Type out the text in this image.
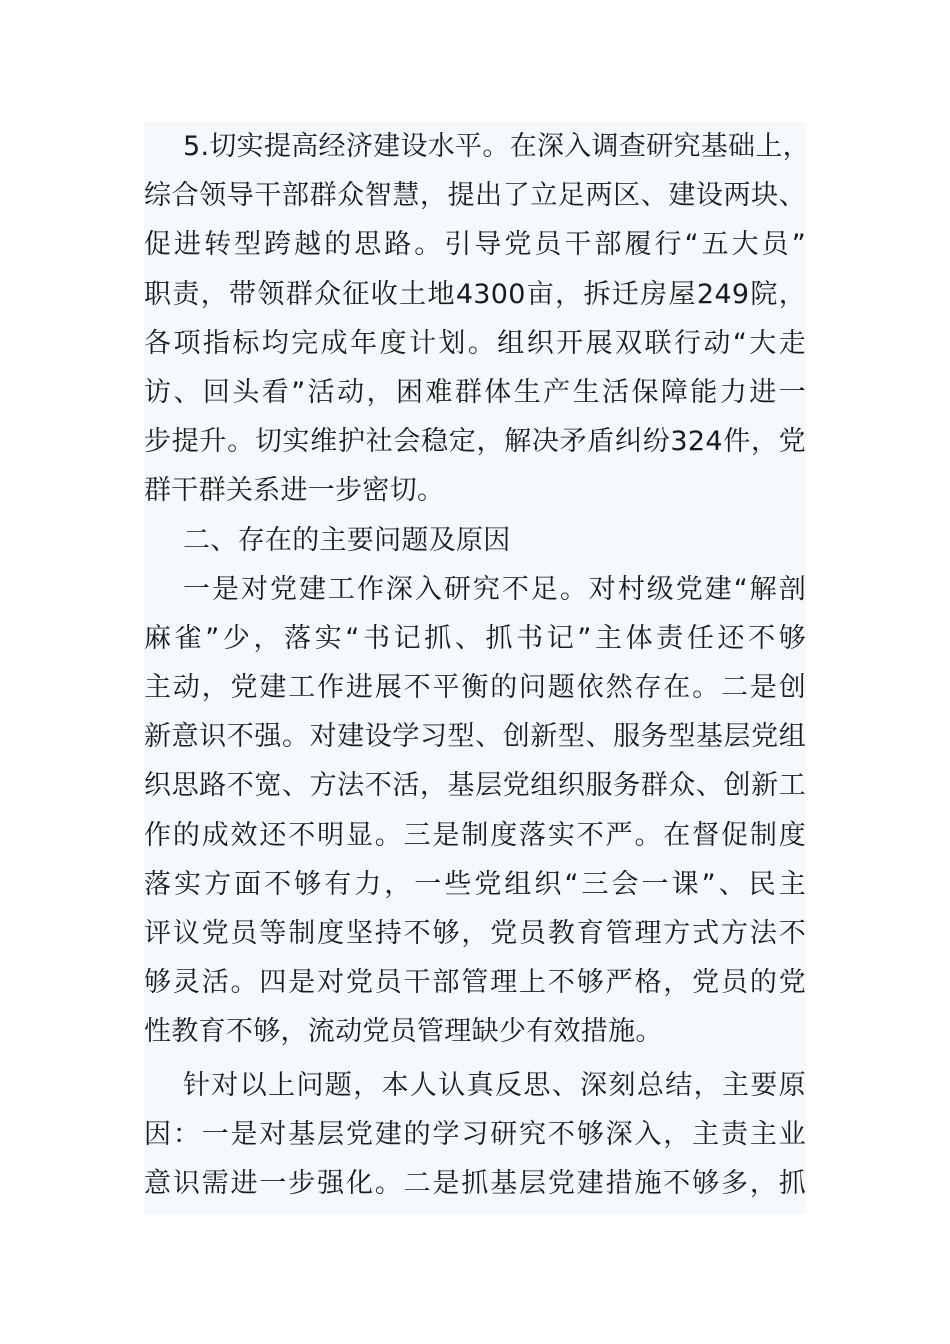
5.切实提高经济建设水平。在深入调查研究基础上，
综合领导干部群众智慧，提出了立足两区、建设两块、
促进转型跨越的思路。引导党员干部履行“五大员”
职责，带领群众征收土地4300亩，拆迁房屋249院，
各项指标均完成年度计划。组织开展双联行动“大走
访、回头看”活动，困难群体生产生活保障能力进一
步提升。切实维护社会稳定，解决矛盾纠纷324件，党
群干群关系进一步密切。
二、存在的主要问题及原因
一是对党建工作深入研究不足。对村级党建“解剖
麻雀”少，落实“书记抓、抓书记”主体责任还不够
主动，党建工作进展不平衡的问题依然存在。二是创
新意识不强。对建设学习型、创新型、服务型基层党组
织思路不宽、方法不活，基层党组织服务群众、创新工
作的成效还不明显。三是制度落实不严。在督促制度
落实方面不够有力，一些党组织“三会一课”、民主
评议党员等制度坚持不够，党员教育管理方式方法不
够灵活。四是对党员干部管理上不够严格，党员的党
性教育不够，流动党员管理缺少有效措施。
针对以上问题，本人认真反思、深刻总结，主要原
因：一是对基层党建的学习研究不够深入，主责主业
意识需进一步强化。二是抓基层党建措施不够多，抓
